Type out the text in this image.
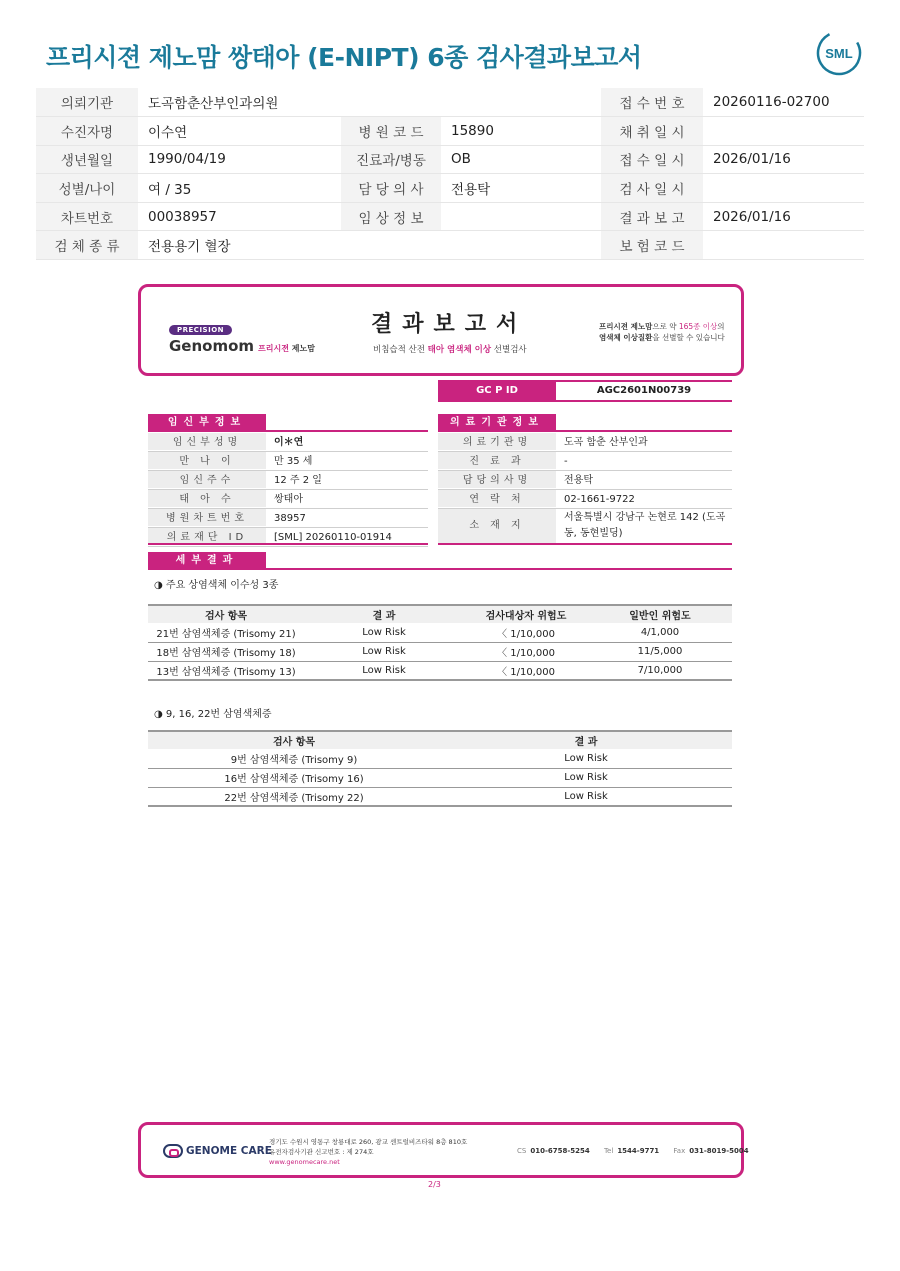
프리시젼 제노맘 쌍태아 (E-NIPT) 6종 검사결과보고서	SML
의뢰기관	도곡함춘산부인과의원			접 수 번 호	20260116-02700
수진자명	이수연	병 원 코 드	15890	채 취 일 시	
생년월일	1990/04/19	진료과/병동	OB	접 수 일 시	2026/01/16
성별/나이	여 / 35	담 당 의 사	전용탁	검 사 일 시	
차트번호	00038957	임 상 정 보		결 과 보 고	2026/01/16
검 체 종 류	전용용기 혈장			보 험 코 드	
PRECISION
Genomom 프리시젼 제노맘
결과보고서
비침습적 산전 태아 염색체 이상 선별검사
프리시젼 제노맘으로 약 165종 이상의
염색체 이상질환을 선별할 수 있습니다
GC P ID	AGC2601N00739
임신부정보	의료기관정보
임신부성명	이＊연
만 나 이	만 35 세
임신주수	12 주 2 일
태 아 수	쌍태아
병원차트번호	38957
의료재단 ID	[SML] 20260110-01914
의료기관명	도곡 함춘 산부인과
진 료 과	-
담당의사명	전용탁
연 락 처	02-1661-9722
소 재 지
서울특별시 강남구 논현로 142 (도곡
동, 동현빌딩)
세부결과
◑ 주요 상염색체 이수성 3종
검사 항목	결 과	검사대상자 위험도	일반인 위험도
21번 삼염색체증 (Trisomy 21)	Low Risk	〈 1/10,000	4/1,000
18번 삼염색체증 (Trisomy 18)	Low Risk	〈 1/10,000	11/5,000
13번 삼염색체증 (Trisomy 13)	Low Risk	〈 1/10,000	7/10,000
◑ 9, 16, 22번 삼염색체증
검사 항목	결 과
9번 삼염색체증 (Trisomy 9)	Low Risk
16번 삼염색체증 (Trisomy 16)	Low Risk
22번 삼염색체증 (Trisomy 22)	Low Risk
GENOME CARE
경기도 수원시 영통구 창룡대로 260, 광교 센트럴비즈타워 8층 810호
유전자검사기관 신고번호 : 제 274호
www.genomecare.net
CS 010-6758-5254 Tel 1544-9771 Fax 031-8019-5004
2/3
